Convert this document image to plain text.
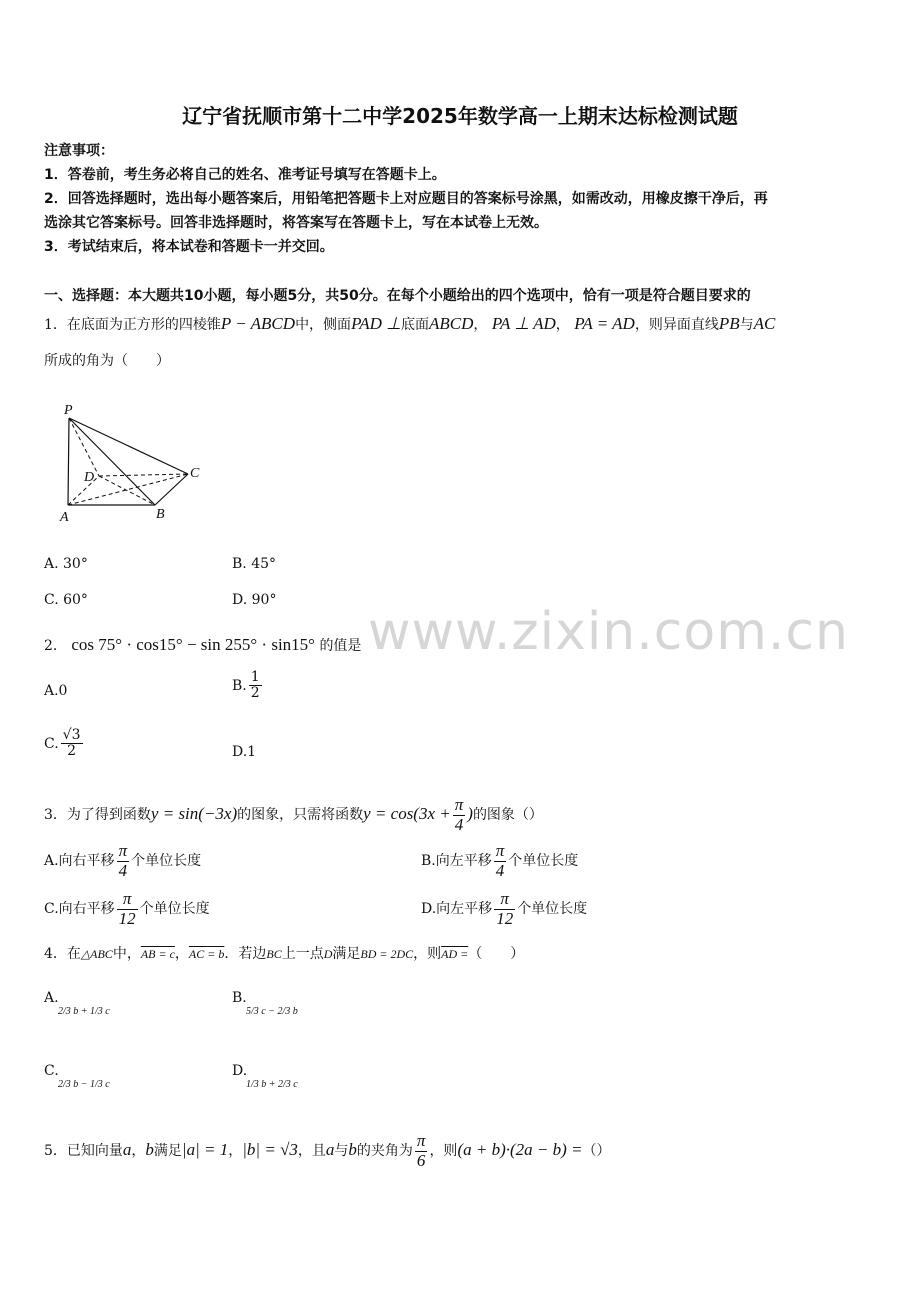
辽宁省抚顺市第十二中学2025年数学高一上期末达标检测试题
注意事项：
1．答卷前，考生务必将自己的姓名、准考证号填写在答题卡上。
2．回答选择题时，选出每小题答案后，用铅笔把答题卡上对应题目的答案标号涂黑，如需改动，用橡皮擦干净后，再
选涂其它答案标号。回答非选择题时，将答案写在答题卡上，写在本试卷上无效。
3．考试结束后，将本试卷和答题卡一并交回。
一、选择题：本大题共10小题，每小题5分，共50分。在每个小题给出的四个选项中，恰有一项是符合题目要求的
1．在底面为正方形的四棱锥P − ABCD中，侧面PAD ⊥底面ABCD， PA ⊥ AD， PA = AD，则异面直线PB与AC
所成的角为（　　）
P
A	B
C
D
A. 30°	B. 45°
C. 60°	D. 90°
2． cos 75° · cos15° − sin 255° · sin15° 的值是
A.0	B. $\frac{1}{2}$
C. $\frac{√3}{2}$	D.1
3．为了得到函数y = sin(−3x)的图象，只需将函数$y = \cos(3x + \frac{\pi}{4}$ )的图象（）
A.向右平移 $\frac{\pi}{4}$ 个单位长度	B.向左平移 $\frac{\pi}{4}$ 个单位长度
C.向右平移 $\frac{\pi}{12}$ 个单位长度	D.向左平移 $\frac{\pi}{12}$ 个单位长度
4．在△ABC中，AB = c，AC = b．若边BC上一点D满足BD = 2DC，则AD =（　　）
A.
2/3 b + 1/3 c
B.
5/3 c − 2/3 b
C.
2/3 b − 1/3 c
D.
1/3 b + 2/3 c
5．已知向量a，b满足|a| = 1，|b| = √3，且a与b的夹角为 $\frac{\pi}{6}$ ，则(a + b)·(2a − b) =（）
www.zixin.com.cn
